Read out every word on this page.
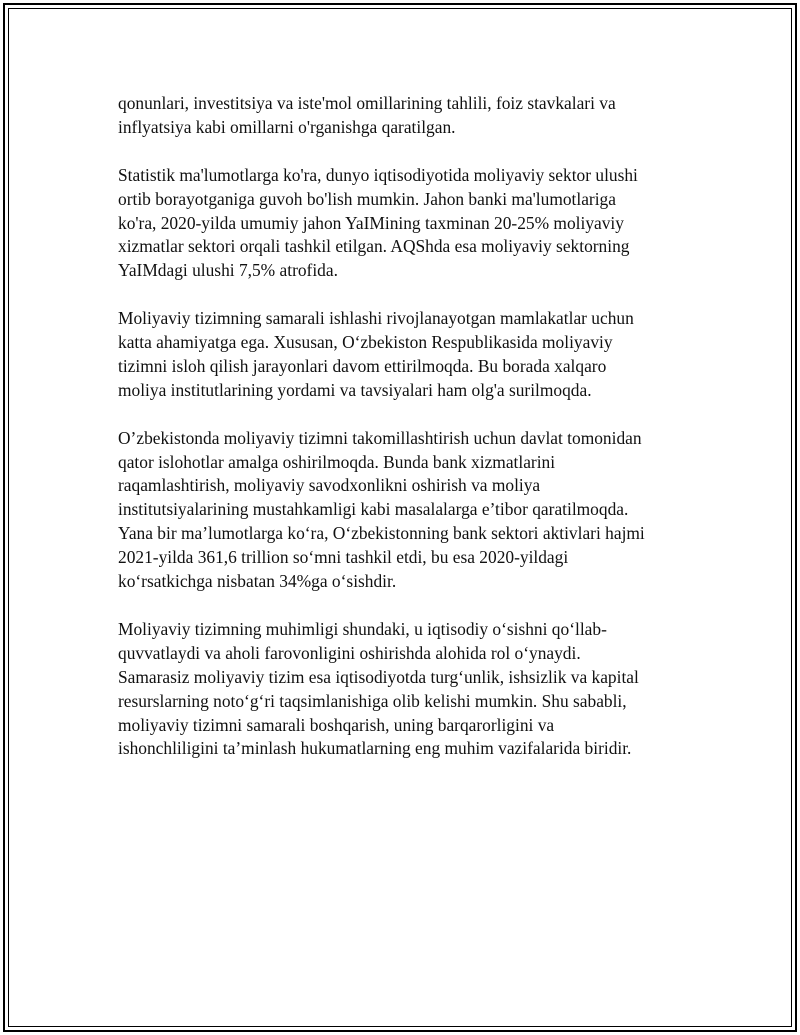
qonunlari, investitsiya va iste'mol omillarining tahlili, foiz stavkalari va
inflyatsiya kabi omillarni o'rganishga qaratilgan.

Statistik ma'lumotlarga ko'ra, dunyo iqtisodiyotida moliyaviy sektor ulushi
ortib borayotganiga guvoh bo'lish mumkin. Jahon banki ma'lumotlariga
ko'ra, 2020-yilda umumiy jahon YaIMining taxminan 20-25% moliyaviy
xizmatlar sektori orqali tashkil etilgan. AQShda esa moliyaviy sektorning
YaIMdagi ulushi 7,5% atrofida.

Moliyaviy tizimning samarali ishlashi rivojlanayotgan mamlakatlar uchun
katta ahamiyatga ega. Xususan, O‘zbekiston Respublikasida moliyaviy
tizimni isloh qilish jarayonlari davom ettirilmoqda. Bu borada xalqaro
moliya institutlarining yordami va tavsiyalari ham olg'a surilmoqda.

O’zbekistonda moliyaviy tizimni takomillashtirish uchun davlat tomonidan
qator islohotlar amalga oshirilmoqda. Bunda bank xizmatlarini
raqamlashtirish, moliyaviy savodxonlikni oshirish va moliya
institutsiyalarining mustahkamligi kabi masalalarga e’tibor qaratilmoqda.
Yana bir ma’lumotlarga ko‘ra, O‘zbekistonning bank sektori aktivlari hajmi
2021-yilda 361,6 trillion so‘mni tashkil etdi, bu esa 2020-yildagi
ko‘rsatkichga nisbatan 34%ga o‘sishdir.

Moliyaviy tizimning muhimligi shundaki, u iqtisodiy o‘sishni qo‘llab-
quvvatlaydi va aholi farovonligini oshirishda alohida rol o‘ynaydi.
Samarasiz moliyaviy tizim esa iqtisodiyotda turg‘unlik, ishsizlik va kapital
resurslarning noto‘g‘ri taqsimlanishiga olib kelishi mumkin. Shu sababli,
moliyaviy tizimni samarali boshqarish, uning barqarorligini va
ishonchliligini ta’minlash hukumatlarning eng muhim vazifalarida biridir.
